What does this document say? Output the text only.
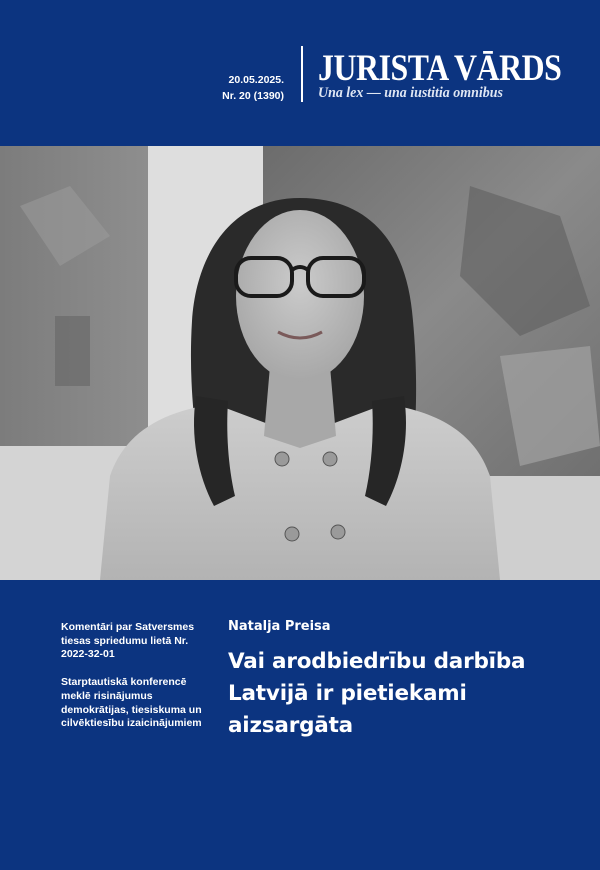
20.05.2025.
Nr. 20 (1390)
JURISTA VĀRDS
Una lex — una iustitia omnibus

Komentāri par Satversmes tiesas spriedumu lietā Nr. 2022-32-01

Starptautiskā konferencē meklē risinājumus demokrātijas, tiesiskuma un cilvēktiesību izaicinājumiem

Natalja Preisa
Vai arodbiedrību darbība Latvijā ir pietiekami aizsargāta
